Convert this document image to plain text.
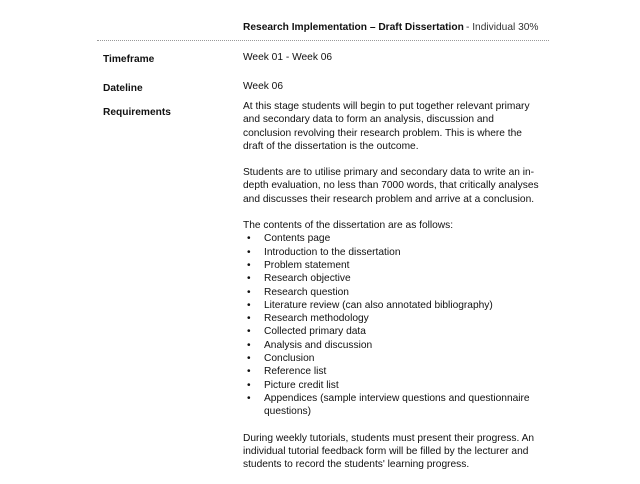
Research Implementation – Draft Dissertation - Individual 30%
Timeframe	Week 01 - Week 06
Dateline	Week 06
Requirements

At this stage students will begin to put together relevant primary and secondary data to form an analysis, discussion and conclusion revolving their research problem. This is where the draft of the dissertation is the outcome.

Students are to utilise primary and secondary data to write an in-depth evaluation, no less than 7000 words, that critically analyses and discusses their research problem and arrive at a conclusion.

The contents of the dissertation are as follows:
• Contents page
• Introduction to the dissertation
• Problem statement
• Research objective
• Research question
• Literature review (can also annotated bibliography)
• Research methodology
• Collected primary data
• Analysis and discussion
• Conclusion
• Reference list
• Picture credit list
• Appendices (sample interview questions and questionnaire questions)

During weekly tutorials, students must present their progress. An individual tutorial feedback form will be filled by the lecturer and students to record the students' learning progress.
